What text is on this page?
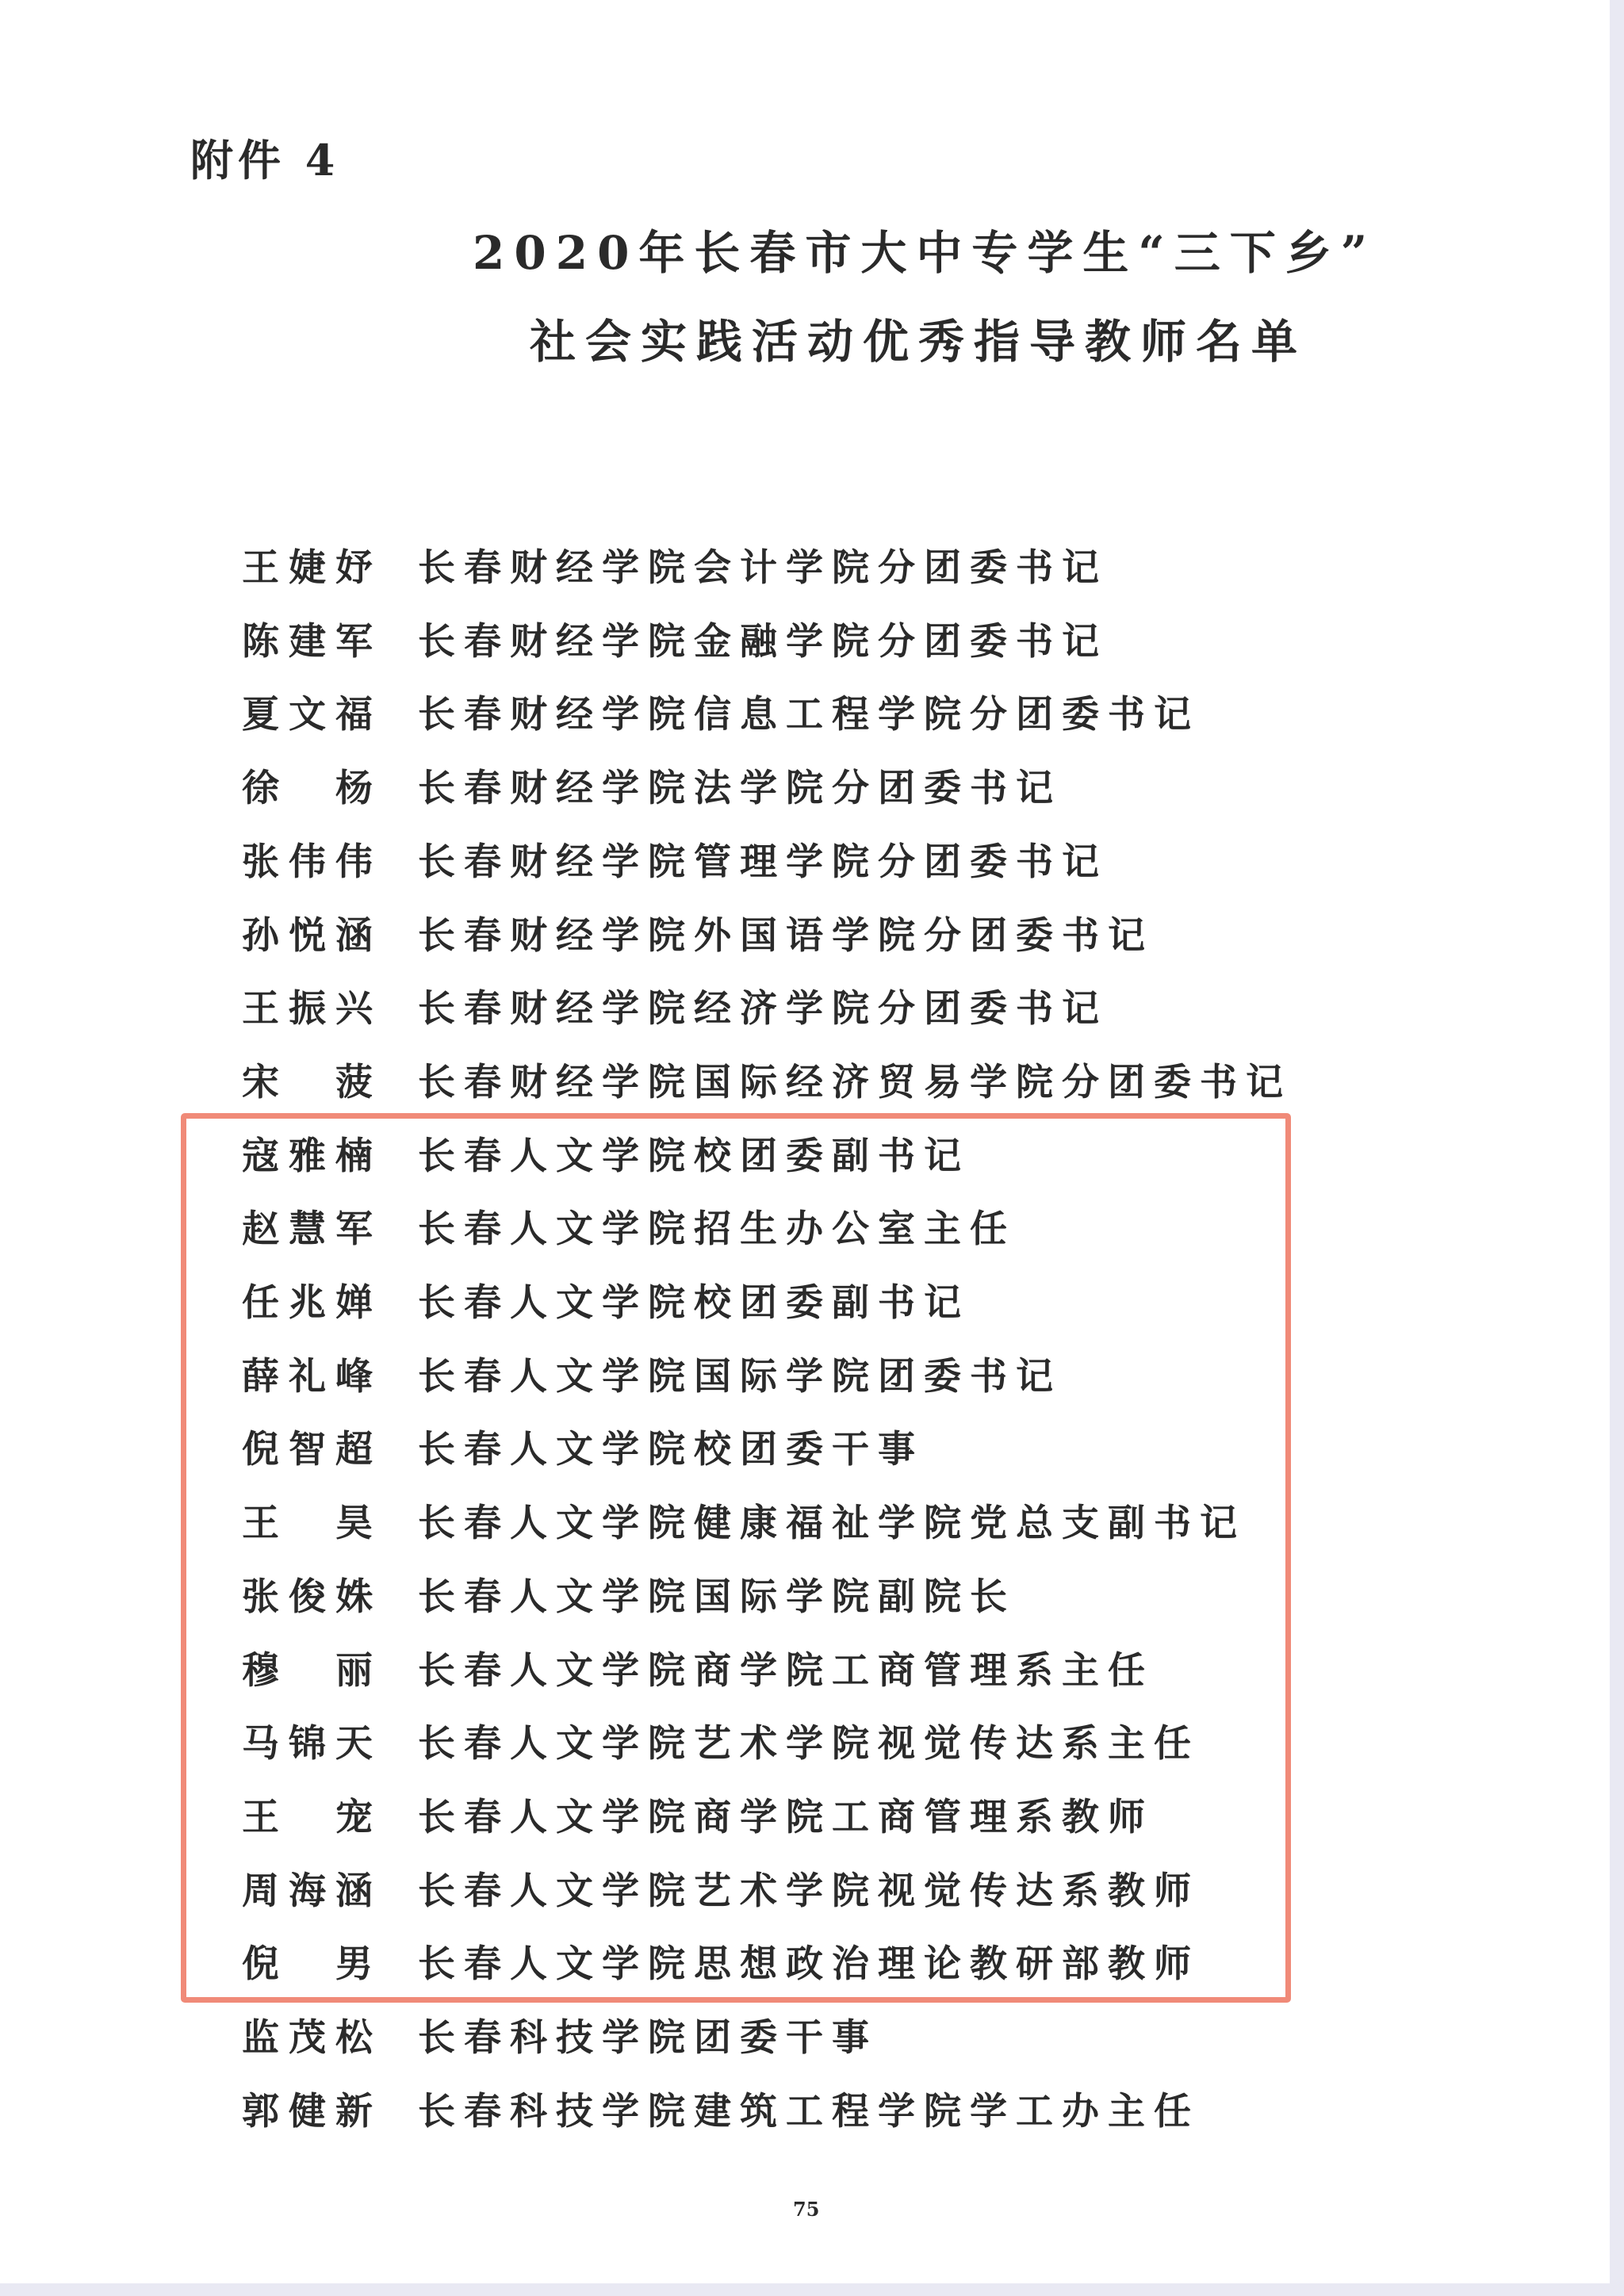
附件 4
2020年长春市大中专学生“三下乡”
社会实践活动优秀指导教师名单
王 婕 妤 长春财经学院会计学院分团委书记
陈 建 军 长春财经学院金融学院分团委书记
夏 文 福 长春财经学院信息工程学院分团委书记
徐 杨 长春财经学院法学院分团委书记
张 伟 伟 长春财经学院管理学院分团委书记
孙 悦 涵 长春财经学院外国语学院分团委书记
王 振 兴 长春财经学院经济学院分团委书记
宋 菠 长春财经学院国际经济贸易学院分团委书记
寇 雅 楠 长春人文学院校团委副书记
赵 慧 军 长春人文学院招生办公室主任
任 兆 婵 长春人文学院校团委副书记
薛 礼 峰 长春人文学院国际学院团委书记
倪 智 超 长春人文学院校团委干事
王 昊 长春人文学院健康福祉学院党总支副书记
张 俊 姝 长春人文学院国际学院副院长
穆 丽 长春人文学院商学院工商管理系主任
马 锦 天 长春人文学院艺术学院视觉传达系主任
王 宠 长春人文学院商学院工商管理系教师
周 海 涵 长春人文学院艺术学院视觉传达系教师
倪 男 长春人文学院思想政治理论教研部教师
监 茂 松 长春科技学院团委干事
郭 健 新 长春科技学院建筑工程学院学工办主任
75
